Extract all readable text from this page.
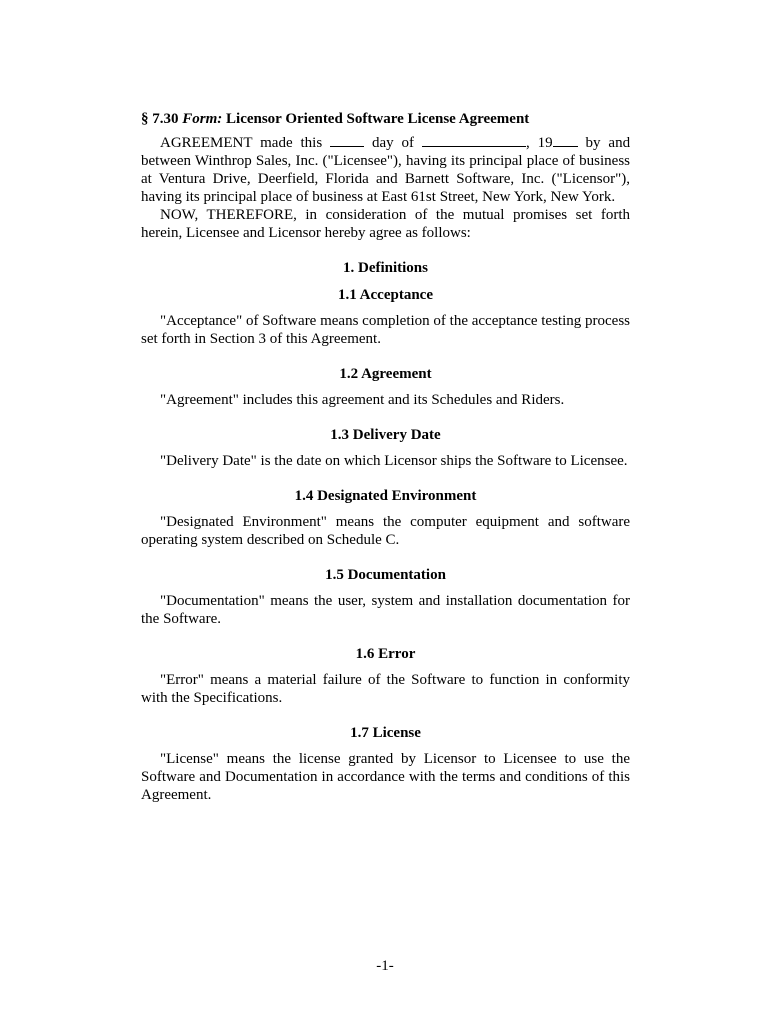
§ 7.30 Form: Licensor Oriented Software License Agreement

AGREEMENT made this	day of	, 19 by and between Winthrop Sales, Inc. ("Licensee"), having its principal place of business at Ventura Drive, Deerfield, Florida and Barnett Software, Inc. ("Licensor"), having its principal place of business at East 61st Street, New York, New York.

NOW, THEREFORE, in consideration of the mutual promises set forth herein, Licensee and Licensor hereby agree as follows:

1. Definitions

1.1 Acceptance

"Acceptance" of Software means completion of the acceptance testing process set forth in Section 3 of this Agreement.

1.2 Agreement

"Agreement" includes this agreement and its Schedules and Riders.

1.3 Delivery Date

"Delivery Date" is the date on which Licensor ships the Software to Licensee.

1.4 Designated Environment

"Designated Environment" means the computer equipment and software operating system described on Schedule C.

1.5 Documentation

"Documentation" means the user, system and installation documentation for the Software.

1.6 Error

"Error" means a material failure of the Software to function in conformity with the Specifications.

1.7 License

"License" means the license granted by Licensor to Licensee to use the Software and Documentation in accordance with the terms and conditions of this Agreement.

-1-
